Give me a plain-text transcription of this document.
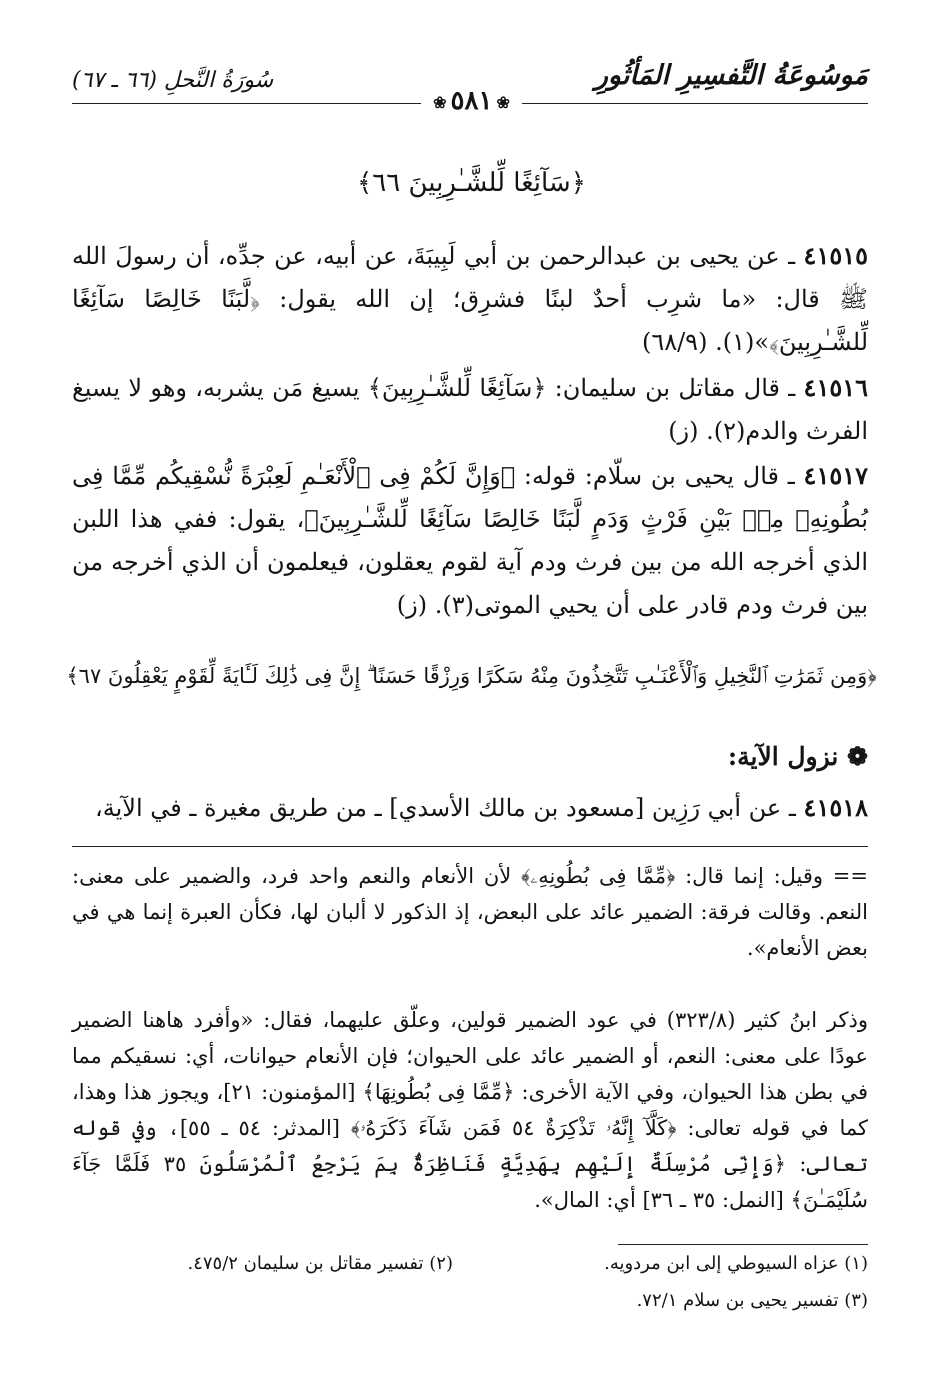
مَوسُوعَةُ التَّفسِيرِ المَأثُورِ
سُورَةُ النَّحلِ (٦٦ ـ ٦٧)
❀ ٥٨١ ❀
﴿سَآئِغًا لِّلشَّـٰرِبِينَ ٦٦﴾
٤١٥١٥ ـ عن يحيى بن عبدالرحمن بن أبي لَبِيبَةَ، عن أبيه، عن جدِّه، أن رسولَ الله ﷺ قال: «ما شرِب أحدٌ لبنًا فشرِق؛ إن الله يقول: ﴿لَّبَنًا خَالِصًا سَآئِغًا لِّلشَّـٰرِبِينَ﴾»(١). (٦٨/٩)
٤١٥١٦ ـ قال مقاتل بن سليمان: ﴿سَآئِغًا لِّلشَّـٰرِبِينَ﴾ يسيغ مَن يشربه، وهو لا يسيغ الفرث والدم(٢). (ز)
٤١٥١٧ ـ قال يحيى بن سلّام: قوله: ﴿وَإِنَّ لَكُمْ فِى ٱلْأَنْعَـٰمِ لَعِبْرَةً نُّسْقِيكُم مِّمَّا فِى بُطُونِهِۦ مِنۢ بَيْنِ فَرْثٍ وَدَمٍ لَّبَنًا خَالِصًا سَآئِغًا لِّلشَّـٰرِبِينَ﴾، يقول: ففي هذا اللبن الذي أخرجه الله من بين فرث ودم آية لقوم يعقلون، فيعلمون أن الذي أخرجه من بين فرث ودم قادر على أن يحيي الموتى(٣). (ز)
﴿وَمِن ثَمَرَٰتِ ٱلنَّخِيلِ وَٱلْأَعْنَـٰبِ تَتَّخِذُونَ مِنْهُ سَكَرًا وَرِزْقًا حَسَنًا ۗ إِنَّ فِى ذَٰلِكَ لَـَٔايَةً لِّقَوْمٍ يَعْقِلُونَ ٦٧﴾
❁ نزول الآية:
٤١٥١٨ ـ عن أبي رَزِين [مسعود بن مالك الأسدي] ـ من طريق مغيرة ـ في الآية،
== وقيل: إنما قال: ﴿مِّمَّا فِى بُطُونِهِۦ﴾ لأن الأنعام والنعم واحد فرد، والضمير على معنى: النعم. وقالت فرقة: الضمير عائد على البعض، إذ الذكور لا ألبان لها، فكأن العبرة إنما هي في بعض الأنعام».
وذكر ابنُ كثير (٣٢٣/٨) في عود الضمير قولين، وعلّق عليهما، فقال: «وأفرد هاهنا الضمير عودًا على معنى: النعم، أو الضمير عائد على الحيوان؛ فإن الأنعام حيوانات، أي: نسقيكم مما في بطن هذا الحيوان، وفي الآية الأخرى: ﴿مِّمَّا فِى بُطُونِهَا﴾ [المؤمنون: ٢١]، ويجوز هذا وهذا، كما في قوله تعالى: ﴿كَلَّآ إِنَّهُۥ تَذْكِرَةٌ ٥٤ فَمَن شَآءَ ذَكَرَهُۥ﴾ [المدثر: ٥٤ ـ ٥٥]، وفي قوله تعالى: ﴿وَإِنِّى مُرْسِلَةٌ إِلَيْهِم بِهَدِيَّةٍ فَنَاظِرَةٌۢ بِمَ يَرْجِعُ ٱلْمُرْسَلُونَ ٣٥ فَلَمَّا جَآءَ سُلَيْمَـٰنَ﴾ [النمل: ٣٥ ـ ٣٦] أي: المال».
(١) عزاه السيوطي إلى ابن مردويه.
(٢) تفسير مقاتل بن سليمان ٤٧٥/٢.
(٣) تفسير يحيى بن سلام ٧٢/١.
